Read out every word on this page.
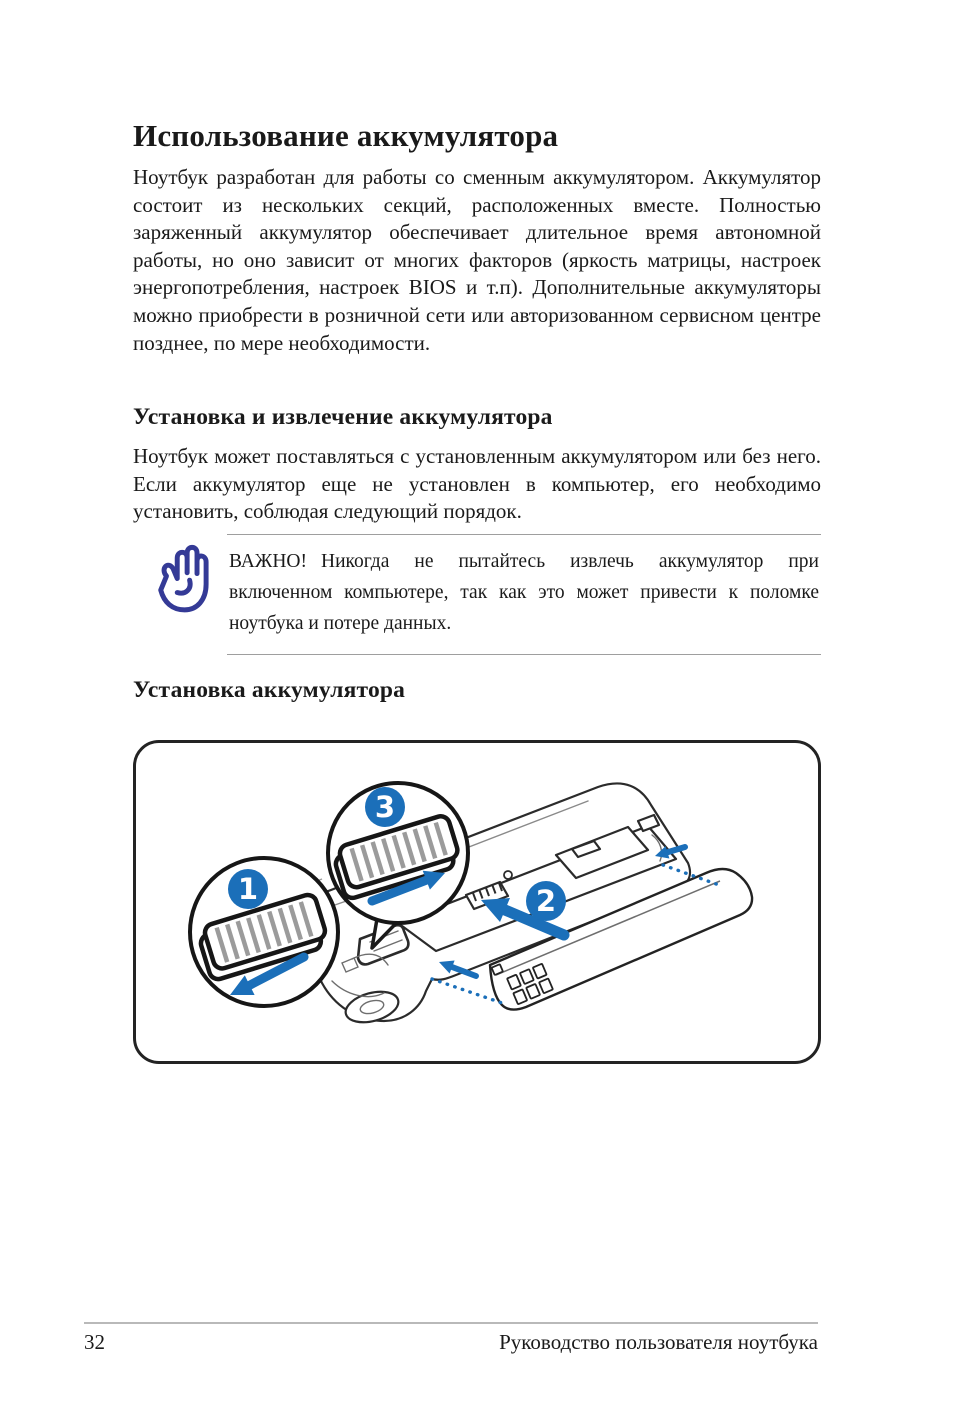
Использование аккумулятора
Ноутбук разработан для работы со сменным аккумулятором. Аккумулятор состоит из нескольких секций, расположенных вместе. Полностью заряженный аккумулятор обеспечивает длительное время автономной работы, но оно зависит от многих факторов (яркость матрицы, настроек энергопотребления, настроек BIOS и т.п). Дополнительные аккумуляторы можно приобрести в розничной сети или авторизованном сервисном центре позднее, по мере необходимости.
Установка и извлечение аккумулятора
Ноутбук может поставляться с установленным аккумулятором или без него. Если аккумулятор еще не установлен в компьютер, его необходимо установить, соблюдая следующий порядок.
ВАЖНО! Никогда не пытайтесь извлечь аккумулятор при включенном компьютере, так как это может привести к поломке ноутбука и потере данных.
Установка аккумулятора
1	2
3
32	Руководство пользователя ноутбука
